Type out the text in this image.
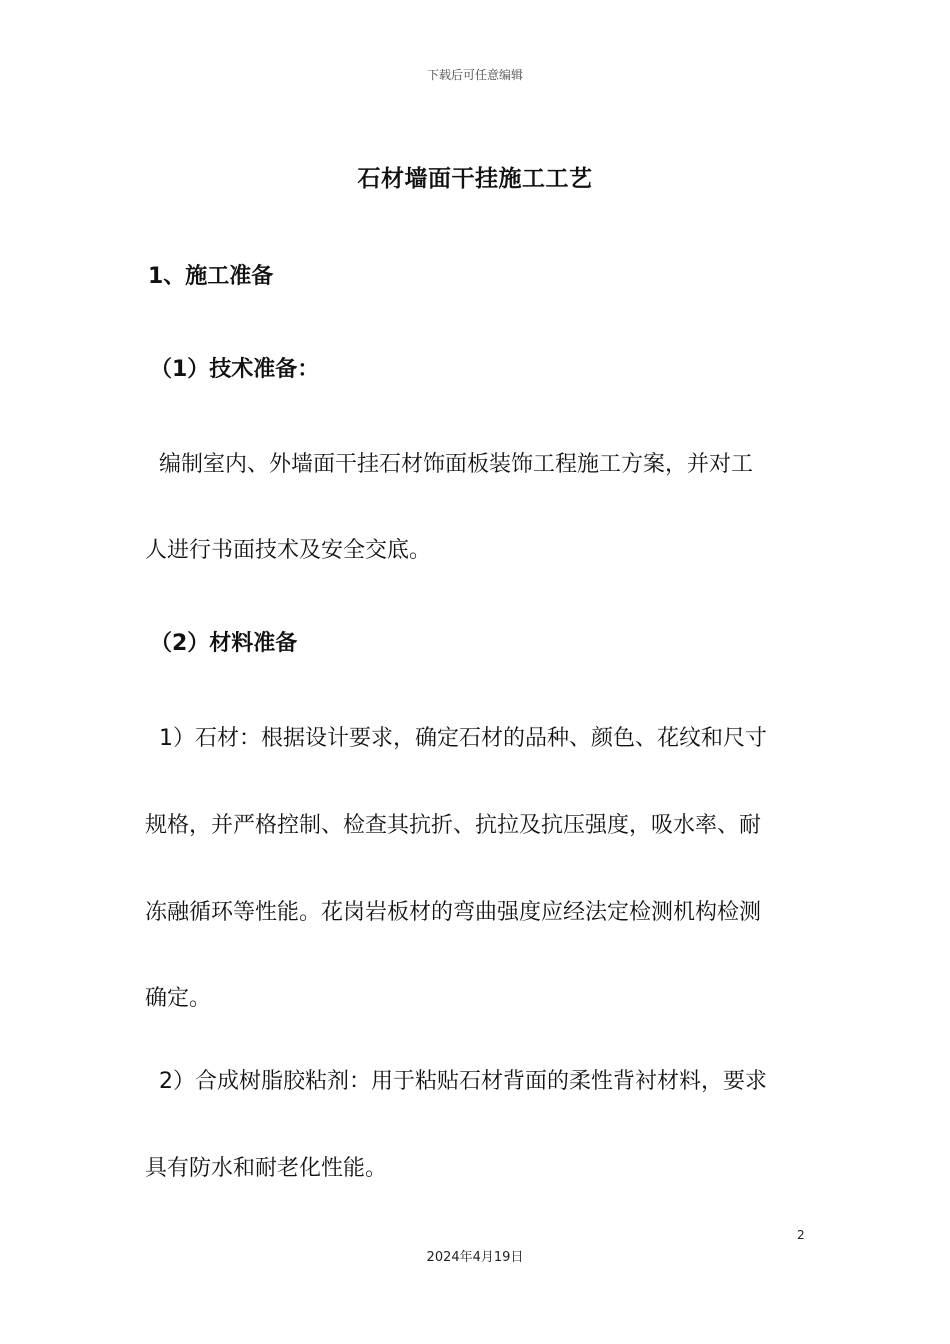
下载后可任意编辑
石材墙面干挂施工工艺
1、施工准备
（1）技术准备：
编制室内、外墙面干挂石材饰面板装饰工程施工方案，并对工
人进行书面技术及安全交底。
（2）材料准备
1）石材：根据设计要求，确定石材的品种、颜色、花纹和尺寸
规格，并严格控制、检查其抗折、抗拉及抗压强度，吸水率、耐
冻融循环等性能。花岗岩板材的弯曲强度应经法定检测机构检测
确定。
2）合成树脂胶粘剂：用于粘贴石材背面的柔性背衬材料，要求
具有防水和耐老化性能。
2
2024年4月19日
